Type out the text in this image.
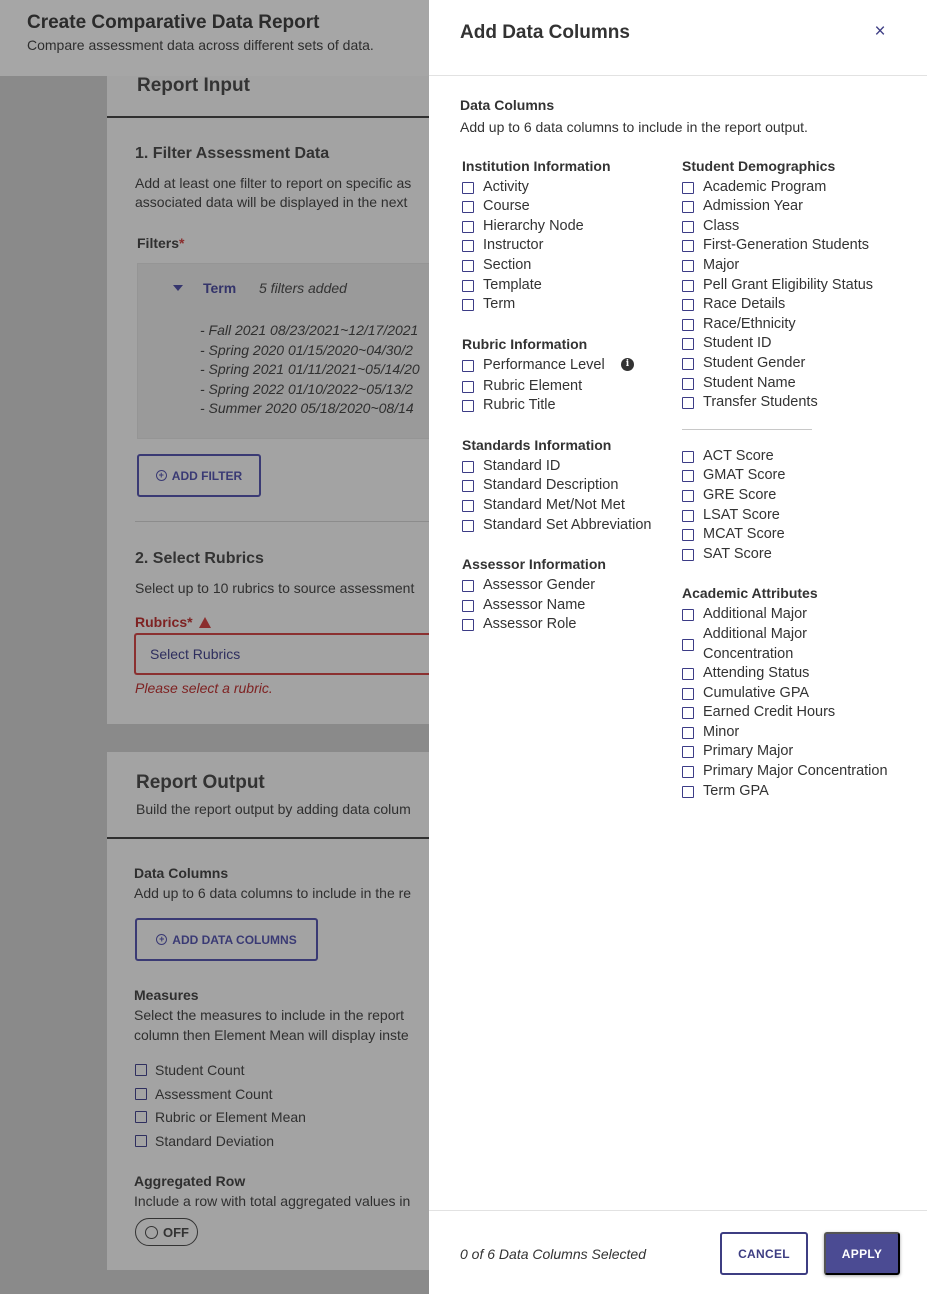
Create Comparative Data Report

Compare assessment data across different sets of data.

Report Input
1. Filter Assessment Data
Add at least one filter to report on specific as
associated data will be displayed in the next
Filters*
Term 5 filters added
- Fall 2021 08/23/2021~12/17/2021
- Spring 2020 01/15/2020~04/30/2
- Spring 2021 01/11/2021~05/14/20
- Spring 2022 01/10/2022~05/13/2
- Summer 2020 05/18/2020~08/14
+ ADD FILTER
2. Select Rubrics
Select up to 10 rubrics to source assessment
Rubrics*
Select Rubrics
Please select a rubric.
Report Output
Build the report output by adding data colum
Data Columns
Add up to 6 data columns to include in the re
+ ADD DATA COLUMNS
Measures
Select the measures to include in the report
column then Element Mean will display inste
Student Count
Assessment Count
Rubric or Element Mean
Standard Deviation
Aggregated Row
Include a row with total aggregated values in
OFF
Add Data Columns	×
Data Columns
Add up to 6 data columns to include in the report output.
Institution Information
Activity
Course
Hierarchy Node
Instructor
Section
Template
Term
Rubric Information
Performance Level	i
Rubric Element
Rubric Title
Standards Information
Standard ID
Standard Description
Standard Met/Not Met
Standard Set Abbreviation
Assessor Information
Assessor Gender
Assessor Name
Assessor Role
Student Demographics
Academic Program
Admission Year
Class
First-Generation Students
Major
Pell Grant Eligibility Status
Race Details
Race/Ethnicity
Student ID
Student Gender
Student Name
Transfer Students
ACT Score
GMAT Score
GRE Score
LSAT Score
MCAT Score
SAT Score
Academic Attributes
Additional Major
Additional Major Concentration
Attending Status
Cumulative GPA
Earned Credit Hours
Minor
Primary Major
Primary Major Concentration
Term GPA
0 of 6 Data Columns Selected	CANCEL	APPLY
